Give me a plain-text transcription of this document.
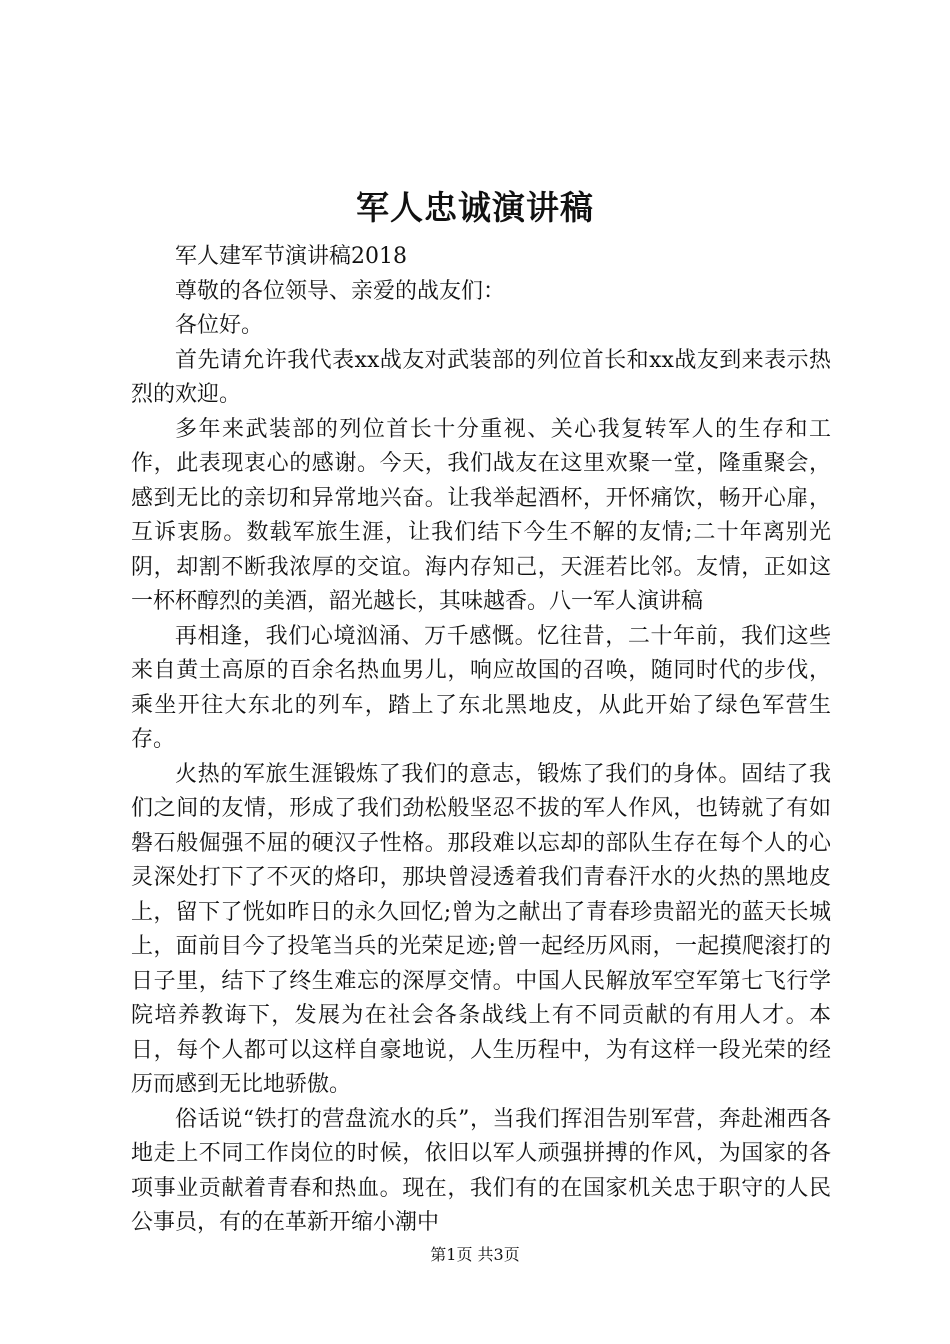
军人忠诚演讲稿

军人建军节演讲稿2018

尊敬的各位领导、亲爱的战友们：

各位好。

首先请允许我代表xx战友对武装部的列位首长和xx战友到来表示热烈的欢迎。

多年来武装部的列位首长十分重视、关心我复转军人的生存和工作，此表现衷心的感谢。今天，我们战友在这里欢聚一堂，隆重聚会，感到无比的亲切和异常地兴奋。让我举起酒杯，开怀痛饮，畅开心扉，互诉衷肠。数载军旅生涯，让我们结下今生不解的友情;二十年离别光阴，却割不断我浓厚的交谊。海内存知己，天涯若比邻。友情，正如这一杯杯醇烈的美酒，韶光越长，其味越香。八一军人演讲稿

再相逢，我们心境汹涌、万千感慨。忆往昔，二十年前，我们这些来自黄土高原的百余名热血男儿，响应故国的召唤，随同时代的步伐，乘坐开往大东北的列车，踏上了东北黑地皮，从此开始了绿色军营生存。

火热的军旅生涯锻炼了我们的意志，锻炼了我们的身体。固结了我们之间的友情，形成了我们劲松般坚忍不拔的军人作风，也铸就了有如磐石般倔强不屈的硬汉子性格。那段难以忘却的部队生存在每个人的心灵深处打下了不灭的烙印，那块曾浸透着我们青春汗水的火热的黑地皮上，留下了恍如昨日的永久回忆;曾为之献出了青春珍贵韶光的蓝天长城上，面前目今了投笔当兵的光荣足迹;曾一起经历风雨，一起摸爬滚打的日子里，结下了终生难忘的深厚交情。中国人民解放军空军第七飞行学院培养教诲下，发展为在社会各条战线上有不同贡献的有用人才。本日，每个人都可以这样自豪地说，人生历程中，为有这样一段光荣的经历而感到无比地骄傲。

俗话说“铁打的营盘流水的兵”，当我们挥泪告别军营，奔赴湘西各地走上不同工作岗位的时候，依旧以军人顽强拼搏的作风，为国家的各项事业贡献着青春和热血。现在，我们有的在国家机关忠于职守的人民公事员，有的在革新开缩小潮中

第1页 共3页
